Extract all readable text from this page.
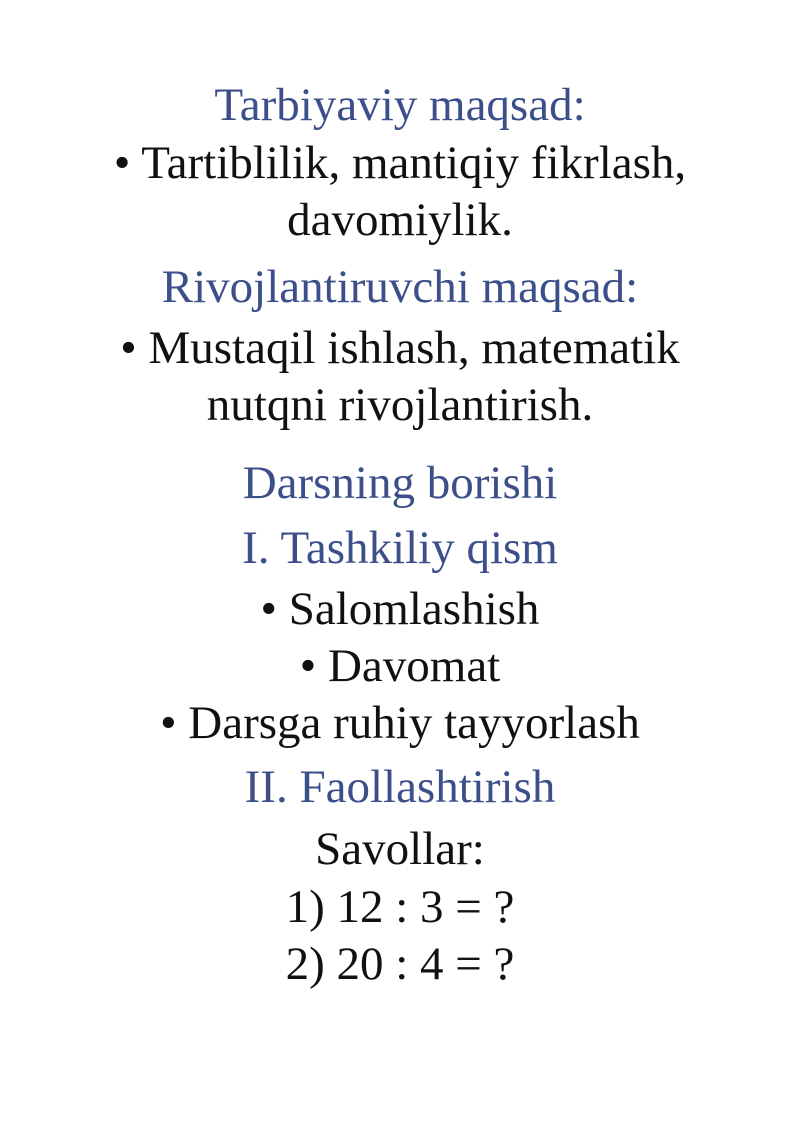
Tarbiyaviy maqsad:

• Tartiblilik, mantiqiy fikrlash,

davomiylik.

Rivojlantiruvchi maqsad:

• Mustaqil ishlash, matematik

nutqni rivojlantirish.

Darsning borishi

I. Tashkiliy qism

• Salomlashish

• Davomat

• Darsga ruhiy tayyorlash

II. Faollashtirish

Savollar:

1) 12 : 3 = ?

2) 20 : 4 = ?
